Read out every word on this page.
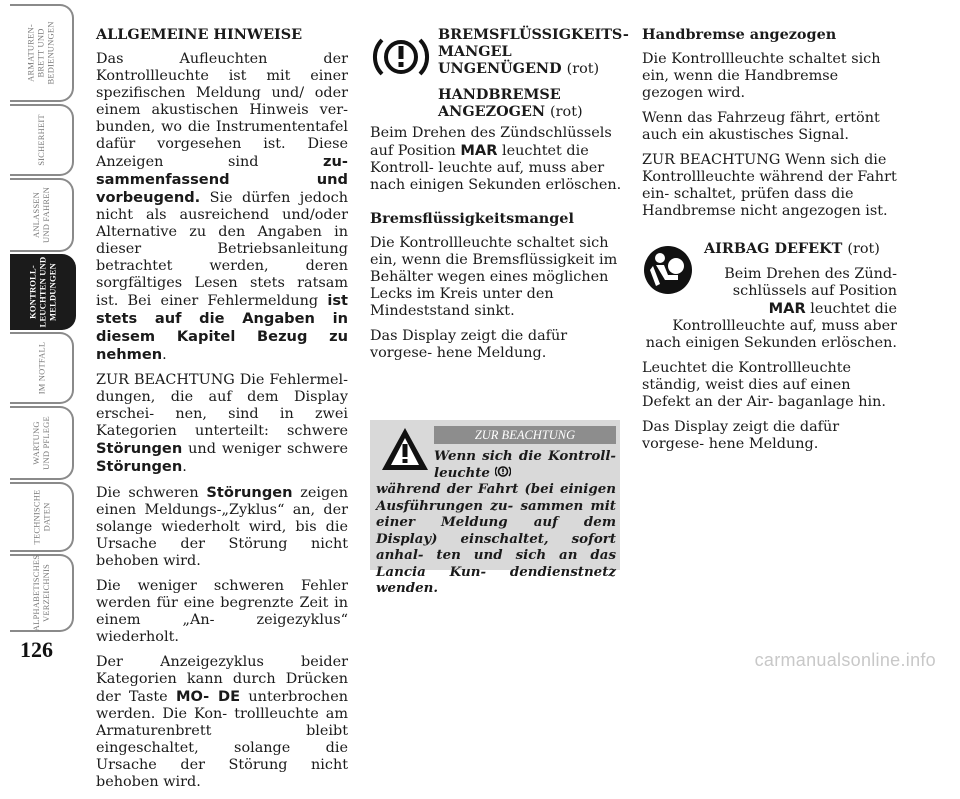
ARMATUREN-
BRETT UND
BEDIENUNGEN
SICHERHEIT
ANLASSEN
UND FAHREN
KONTROLL-
LEUCHTEN UND
MELDUNGEN
IM NOTFALL
WARTUNG
UND PFLEGE
TECHNISCHE
DATEN
ALPHABETISCHES
VERZEICHNIS
126	carmanualsonline.info

ALLGEMEINE HINWEISE

Das Aufleuchten der Kontrollleuchte ist mit einer spezifischen Meldung und/ oder einem akustischen Hinweis ver- bunden, wo die Instrumententafel dafür vorgesehen ist. Diese Anzeigen sind zu- sammenfassend und vorbeugend. Sie dürfen jedoch nicht als ausreichend und/oder Alternative zu den Angaben in dieser Betriebsanleitung betrachtet werden, deren sorgfältiges Lesen stets ratsam ist. Bei einer Fehlermeldung ist stets auf die Angaben in diesem Kapitel Bezug zu nehmen.

ZUR BEACHTUNG Die Fehlermel- dungen, die auf dem Display erschei- nen, sind in zwei Kategorien unterteilt: schwere Störungen und weniger schwere Störungen.

Die schweren Störungen zeigen einen Meldungs-„Zyklus“ an, der solange wiederholt wird, bis die Ursache der Störung nicht behoben wird.

Die weniger schweren Fehler werden für eine begrenzte Zeit in einem „An- zeigezyklus“ wiederholt.

Der Anzeigezyklus beider Kategorien kann durch Drücken der Taste MO- DE unterbrochen werden. Die Kon- trollleuchte am Armaturenbrett bleibt eingeschaltet, solange die Ursache der Störung nicht behoben wird.

BREMSFLÜSSIGKEITS- MANGEL UNGENÜGEND (rot)

HANDBREMSE ANGEZOGEN (rot)

Beim Drehen des Zündschlüssels auf Position MAR leuchtet die Kontroll- leuchte auf, muss aber nach einigen Sekunden erlöschen.

Bremsflüssigkeitsmangel

Die Kontrollleuchte schaltet sich ein, wenn die Bremsflüssigkeit im Behälter wegen eines möglichen Lecks im Kreis unter den Mindeststand sinkt.

Das Display zeigt die dafür vorgese- hene Meldung.

ZUR BEACHTUNG
Wenn sich die Kontroll- leuchte
während der Fahrt (bei einigen Ausführungen zu- sammen mit einer Meldung auf dem Display) einschaltet, sofort anhal- ten und sich an das Lancia Kun- dendienstnetz wenden.

Handbremse angezogen

Die Kontrollleuchte schaltet sich ein, wenn die Handbremse gezogen wird.

Wenn das Fahrzeug fährt, ertönt auch ein akustisches Signal.

ZUR BEACHTUNG Wenn sich die Kontrollleuchte während der Fahrt ein- schaltet, prüfen dass die Handbremse nicht angezogen ist.

AIRBAG DEFEKT (rot)

Beim Drehen des Zünd- schlüssels auf Position MAR leuchtet die Kontrollleuchte auf, muss aber nach einigen Sekunden erlöschen.

Leuchtet die Kontrollleuchte ständig, weist dies auf einen Defekt an der Air- baganlage hin.

Das Display zeigt die dafür vorgese- hene Meldung.
